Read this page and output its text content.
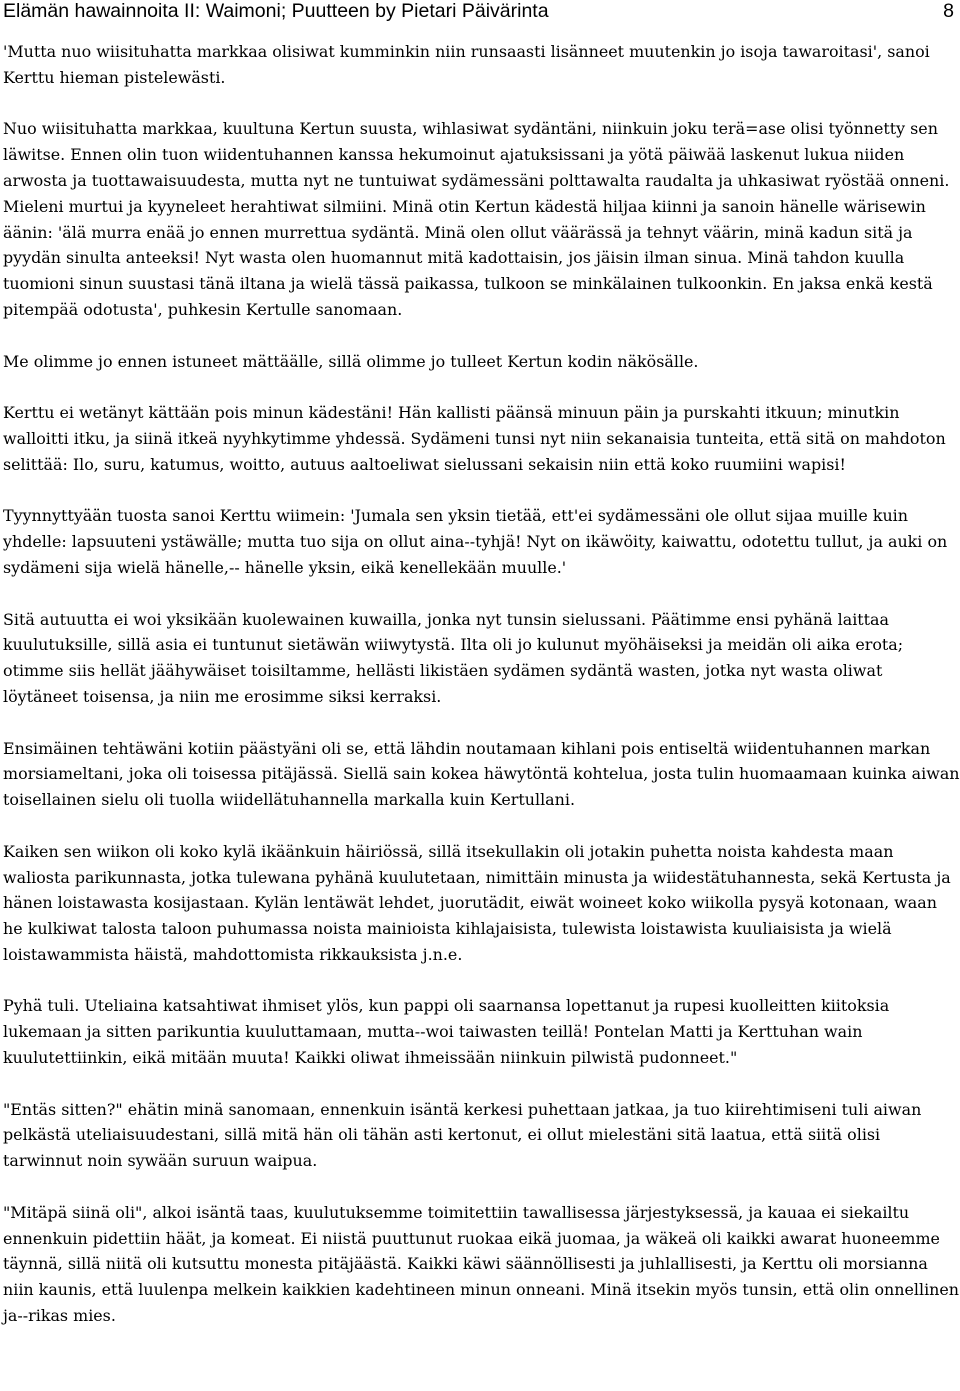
Elämän hawainnoita II: Waimoni; Puutteen by Pietari Päivärinta	8

'Mutta nuo wiisituhatta markkaa olisiwat kumminkin niin runsaasti lisänneet muutenkin jo isoja tawaroitasi', sanoi Kerttu hieman pistelewästi.

Nuo wiisituhatta markkaa, kuultuna Kertun suusta, wihlasiwat sydäntäni, niinkuin joku terä=ase olisi työnnetty sen läwitse. Ennen olin tuon wiidentuhannen kanssa hekumoinut ajatuksissani ja yötä päiwää laskenut lukua niiden arwosta ja tuottawaisuudesta, mutta nyt ne tuntuiwat sydämessäni polttawalta raudalta ja uhkasiwat ryöstää onneni. Mieleni murtui ja kyyneleet herahtiwat silmiini. Minä otin Kertun kädestä hiljaa kiinni ja sanoin hänelle wärisewin äänin: 'älä murra enää jo ennen murrettua sydäntä. Minä olen ollut väärässä ja tehnyt väärin, minä kadun sitä ja pyydän sinulta anteeksi! Nyt wasta olen huomannut mitä kadottaisin, jos jäisin ilman sinua. Minä tahdon kuulla tuomioni sinun suustasi tänä iltana ja wielä tässä paikassa, tulkoon se minkälainen tulkoonkin. En jaksa enkä kestä pitempää odotusta', puhkesin Kertulle sanomaan.

Me olimme jo ennen istuneet mättäälle, sillä olimme jo tulleet Kertun kodin näkösälle.

Kerttu ei wetänyt kättään pois minun kädestäni! Hän kallisti päänsä minuun päin ja purskahti itkuun; minutkin walloitti itku, ja siinä itkeä nyyhkytimme yhdessä. Sydämeni tunsi nyt niin sekanaisia tunteita, että sitä on mahdoton selittää: Ilo, suru, katumus, woitto, autuus aaltoeliwat sielussani sekaisin niin että koko ruumiini wapisi!

Tyynnyttyään tuosta sanoi Kerttu wiimein: 'Jumala sen yksin tietää, ett'ei sydämessäni ole ollut sijaa muille kuin yhdelle: lapsuuteni ystäwälle; mutta tuo sija on ollut aina--tyhjä! Nyt on ikäwöity, kaiwattu, odotettu tullut, ja auki on sydämeni sija wielä hänelle,-- hänelle yksin, eikä kenellekään muulle.'

Sitä autuutta ei woi yksikään kuolewainen kuwailla, jonka nyt tunsin sielussani. Päätimme ensi pyhänä laittaa kuulutuksille, sillä asia ei tuntunut sietäwän wiiwytystä. Ilta oli jo kulunut myöhäiseksi ja meidän oli aika erota; otimme siis hellät jäähywäiset toisiltamme, hellästi likistäen sydämen sydäntä wasten, jotka nyt wasta oliwat löytäneet toisensa, ja niin me erosimme siksi kerraksi.

Ensimäinen tehtäwäni kotiin päästyäni oli se, että lähdin noutamaan kihlani pois entiseltä wiidentuhannen markan morsiameltani, joka oli toisessa pitäjässä. Siellä sain kokea häwytöntä kohtelua, josta tulin huomaamaan kuinka aiwan toisellainen sielu oli tuolla wiidellätuhannella markalla kuin Kertullani.

Kaiken sen wiikon oli koko kylä ikäänkuin häiriössä, sillä itsekullakin oli jotakin puhetta noista kahdesta maan waliosta parikunnasta, jotka tulewana pyhänä kuulutetaan, nimittäin minusta ja wiidestätuhannesta, sekä Kertusta ja hänen loistawasta kosijastaan. Kylän lentäwät lehdet, juorutädit, eiwät woineet koko wiikolla pysyä kotonaan, waan he kulkiwat talosta taloon puhumassa noista mainioista kihlajaisista, tulewista loistawista kuuliaisista ja wielä loistawammista häistä, mahdottomista rikkauksista j.n.e.

Pyhä tuli. Uteliaina katsahtiwat ihmiset ylös, kun pappi oli saarnansa lopettanut ja rupesi kuolleitten kiitoksia lukemaan ja sitten parikuntia kuuluttamaan, mutta--woi taiwasten teillä! Pontelan Matti ja Kerttuhan wain kuulutettiinkin, eikä mitään muuta! Kaikki oliwat ihmeissään niinkuin pilwistä pudonneet."

"Entäs sitten?" ehätin minä sanomaan, ennenkuin isäntä kerkesi puhettaan jatkaa, ja tuo kiirehtimiseni tuli aiwan pelkästä uteliaisuudestani, sillä mitä hän oli tähän asti kertonut, ei ollut mielestäni sitä laatua, että siitä olisi tarwinnut noin sywään suruun waipua.

"Mitäpä siinä oli", alkoi isäntä taas, kuulutuksemme toimitettiin tawallisessa järjestyksessä, ja kauaa ei siekailtu ennenkuin pidettiin häät, ja komeat. Ei niistä puuttunut ruokaa eikä juomaa, ja wäkeä oli kaikki awarat huoneemme täynnä, sillä niitä oli kutsuttu monesta pitäjäästä. Kaikki käwi säännöllisesti ja juhlallisesti, ja Kerttu oli morsianna niin kaunis, että luulenpa melkein kaikkien kadehtineen minun onneani. Minä itsekin myös tunsin, että olin onnellinen ja--rikas mies.
